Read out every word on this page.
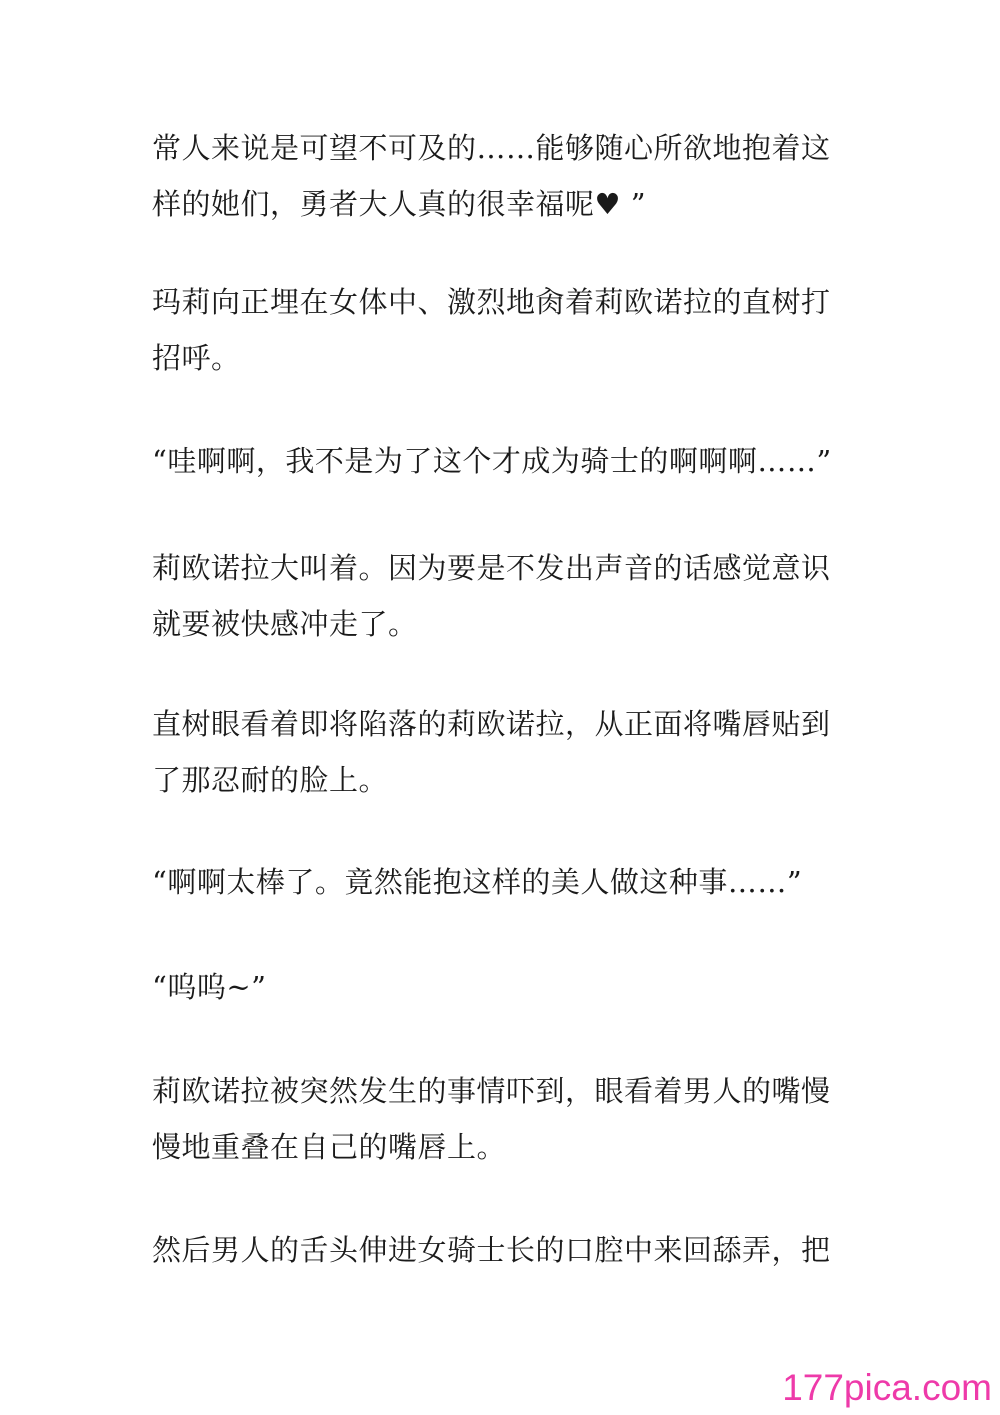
常人来说是可望不可及的……能够随心所欲地抱着这样的她们，勇者大人真的很幸福呢♥ ”

玛莉向正埋在女体中、激烈地肏着莉欧诺拉的直树打招呼。

“哇啊啊，我不是为了这个才成为骑士的啊啊啊……”

莉欧诺拉大叫着。因为要是不发出声音的话感觉意识就要被快感冲走了。

直树眼看着即将陷落的莉欧诺拉，从正面将嘴唇贴到了那忍耐的脸上。

“啊啊太棒了。竟然能抱这样的美人做这种事……”

“呜呜~”

莉欧诺拉被突然发生的事情吓到，眼看着男人的嘴慢慢地重叠在自己的嘴唇上。

然后男人的舌头伸进女骑士长的口腔中来回舔弄，把

177pica.com
